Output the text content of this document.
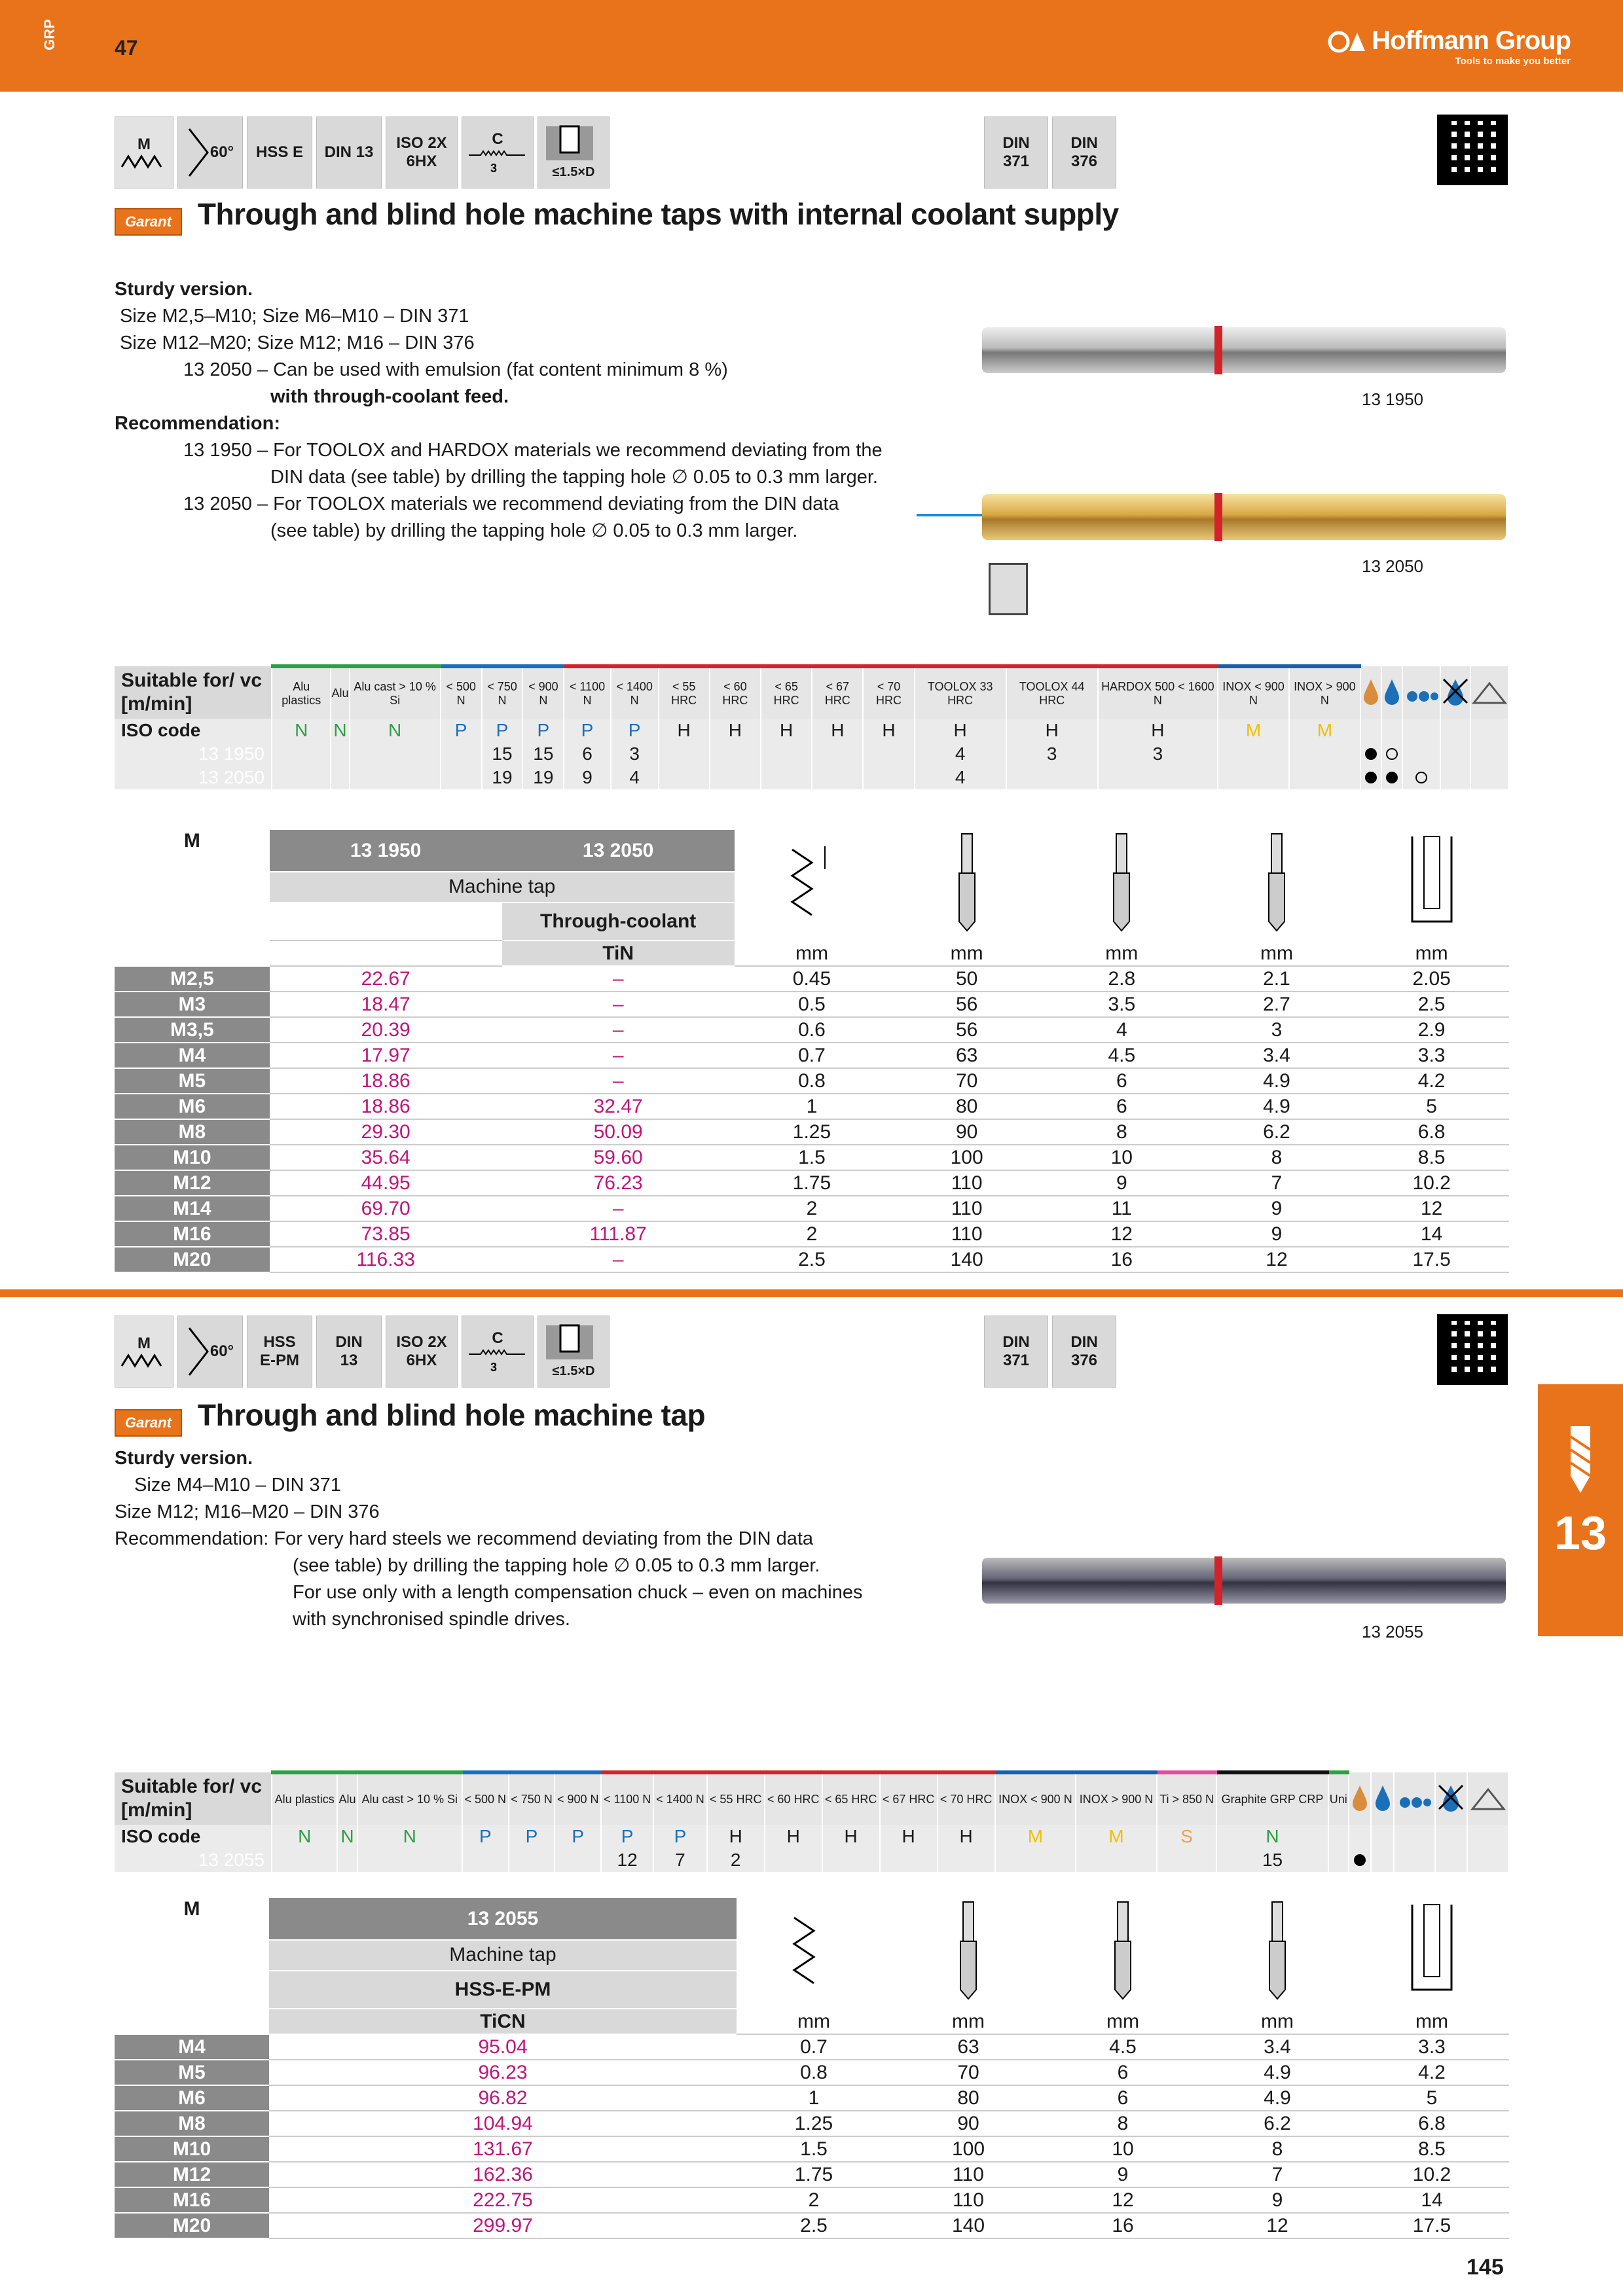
GRP	47	Hoffmann Group
Tools to make you better
M	60°	HSS E	DIN 13
ISO 2X 6HX
C
3	≤1.5×D
DIN
371
DIN
376
Garant Through and blind hole machine taps with internal coolant supply
Sturdy version.
Size M2,5–M10; Size M6–M10 – DIN 371
Size M12–M20; Size M12; M16 – DIN 376
13 2050 – Can be used with emulsion (fat content minimum 8 %)
with through-coolant feed.
Recommendation:
13 1950 – For TOOLOX and HARDOX materials we recommend deviating from the
DIN data (see table) by drilling the tapping hole ∅ 0.05 to 0.3 mm larger.
13 2050 – For TOOLOX materials we recommend deviating from the DIN data
(see table) by drilling the tapping hole ∅ 0.05 to 0.3 mm larger.
13 1950
13 2050
Suitable for/ vc [m/min]	Alu plastics	Alu	Alu cast > 10 % Si	< 500 N	< 750 N	< 900 N	< 1100 N	< 1400 N	< 55 HRC	< 60 HRC	< 65 HRC	< 67 HRC	< 70 HRC	TOOLOX 33 HRC	TOOLOX 44 HRC	HARDOX 500 < 1600 N	INOX < 900 N	INOX > 900 N					
ISO code	N	N	N	P	P	P	P	P	H	H	H	H	H	H	H	H	M	M					
13 1950					15	15	6	3						4	3	3							
13 2050					19	19	9	4						4									
M	13 1950	13 2050					
	Machine tap						
		Through-coolant					
		TiN	mm	mm	mm	mm	mm
M2,5	22.67	–	0.45	50	2.8	2.1	2.05
M3	18.47	–	0.5	56	3.5	2.7	2.5
M3,5	20.39	–	0.6	56	4	3	2.9
M4	17.97	–	0.7	63	4.5	3.4	3.3
M5	18.86	–	0.8	70	6	4.9	4.2
M6	18.86	32.47	1	80	6	4.9	5
M8	29.30	50.09	1.25	90	8	6.2	6.8
M10	35.64	59.60	1.5	100	10	8	8.5
M12	44.95	76.23	1.75	110	9	7	10.2
M14	69.70	–	2	110	11	9	12
M16	73.85	111.87	2	110	12	9	14
M20	116.33	–	2.5	140	16	12	17.5
M	60°
HSS
E-PM
DIN
13
ISO 2X
6HX
C
3	≤1.5×D
DIN
371
DIN
376
Garant Through and blind hole machine tap
Sturdy version.
Size M4–M10 – DIN 371
Size M12; M16–M20 – DIN 376
Recommendation: For very hard steels we recommend deviating from the DIN data
(see table) by drilling the tapping hole ∅ 0.05 to 0.3 mm larger.
For use only with a length compensation chuck – even on machines
with synchronised spindle drives.
13 2055
13
Suitable for/ vc [m/min]	Alu plastics	Alu	Alu cast > 10 % Si	< 500 N	< 750 N	< 900 N	< 1100 N	< 1400 N	< 55 HRC	< 60 HRC	< 65 HRC	< 67 HRC	< 70 HRC	INOX < 900 N	INOX > 900 N	Ti > 850 N	Graphite GRP CRP	Uni					
ISO code	N	N	N	P	P	P	P	P	H	H	H	H	H	M	M	S	N						
13 2055							12	7	2								15						
M	13 2055					
	Machine tap					
	HSS-E-PM					
	TiCN	mm	mm	mm	mm	mm
M4	95.04	0.7	63	4.5	3.4	3.3
M5	96.23	0.8	70	6	4.9	4.2
M6	96.82	1	80	6	4.9	5
M8	104.94	1.25	90	8	6.2	6.8
M10	131.67	1.5	100	10	8	8.5
M12	162.36	1.75	110	9	7	10.2
M16	222.75	2	110	12	9	14
M20	299.97	2.5	140	16	12	17.5
145
